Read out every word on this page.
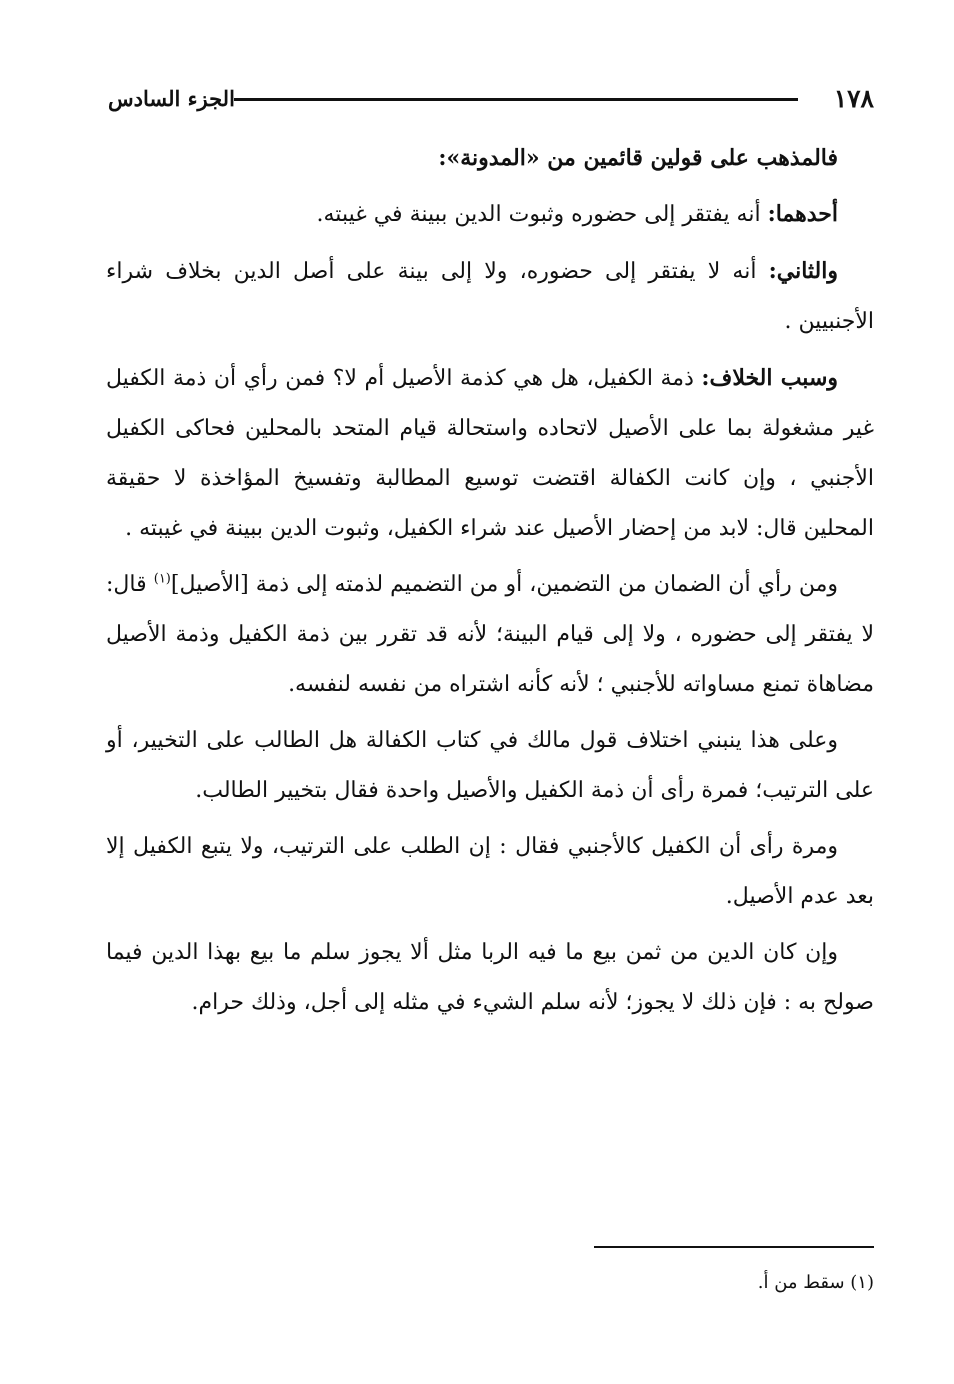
١٧٨
الجزء السادس

فالمذهب على قولين قائمين من «المدونة»:

أحدهما: أنه يفتقر إلى حضوره وثبوت الدين ببينة في غيبته.

والثاني: أنه لا يفتقر إلى حضوره، ولا إلى بينة على أصل الدين بخلاف شراء الأجنبيين .

وسبب الخلاف: ذمة الكفيل، هل هي كذمة الأصيل أم لا؟ فمن رأي أن ذمة الكفيل غير مشغولة بما على الأصيل لاتحاده واستحالة قيام المتحد بالمحلين فحاكى الكفيل الأجنبي ، وإن كانت الكفالة اقتضت توسيع المطالبة وتفسيخ المؤاخذة لا حقيقة المحلين قال: لابد من إحضار الأصيل عند شراء الكفيل، وثبوت الدين ببينة في غيبته .

ومن رأي أن الضمان من التضمين، أو من التضميم لذمته إلى ذمة [الأصيل]$^{(١)}$ قال: لا يفتقر إلى حضوره ، ولا إلى قيام البينة؛ لأنه قد تقرر بين ذمة الكفيل وذمة الأصيل مضاهاة تمنع مساواته للأجنبي ؛ لأنه كأنه اشتراه من نفسه لنفسه.

وعلى هذا ينبني اختلاف قول مالك في كتاب الكفالة هل الطالب على التخيير، أو على الترتيب؛ فمرة رأى أن ذمة الكفيل والأصيل واحدة فقال بتخيير الطالب.

ومرة رأى أن الكفيل كالأجنبي فقال : إن الطلب على الترتيب، ولا يتبع الكفيل إلا بعد عدم الأصيل.

وإن كان الدين من ثمن بيع ما فيه الربا مثل ألا يجوز سلم ما بيع بهذا الدين فيما صولح به : فإن ذلك لا يجوز؛ لأنه سلم الشيء في مثله إلى أجل، وذلك حرام.

(١) سقط من أ.
